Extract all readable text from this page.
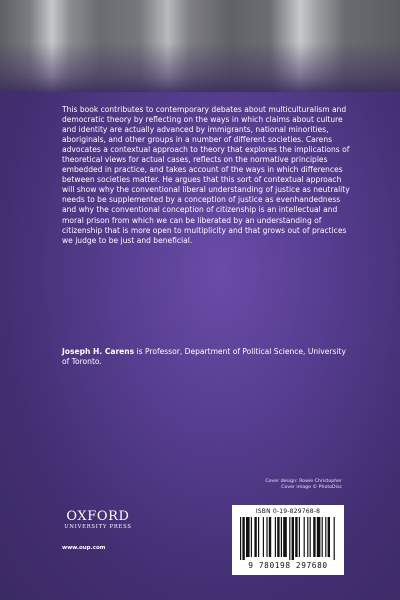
This book contributes to contemporary debates about multiculturalism and democratic theory by reflecting on the ways in which claims about culture and identity are actually advanced by immigrants, national minorities, aboriginals, and other groups in a number of different societies. Carens advocates a contextual approach to theory that explores the implications of theoretical views for actual cases, reflects on the normative principles embedded in practice, and takes account of the ways in which differences between societies matter. He argues that this sort of contextual approach will show why the conventional liberal understanding of justice as neutrality needs to be supplemented by a conception of justice as evenhandedness and why the conventional conception of citizenship is an intellectual and moral prison from which we can be liberated by an understanding of citizenship that is more open to multiplicity and that grows out of practices we judge to be just and beneficial.

Joseph H. Carens is Professor, Department of Political Science, University of Toronto.

Cover design: Rowie Christopher
Cover image © PhotoDisc
OXFORD
UNIVERSITY PRESS
www.oup.com
ISBN 0-19-829768-8
9 780198 297680
